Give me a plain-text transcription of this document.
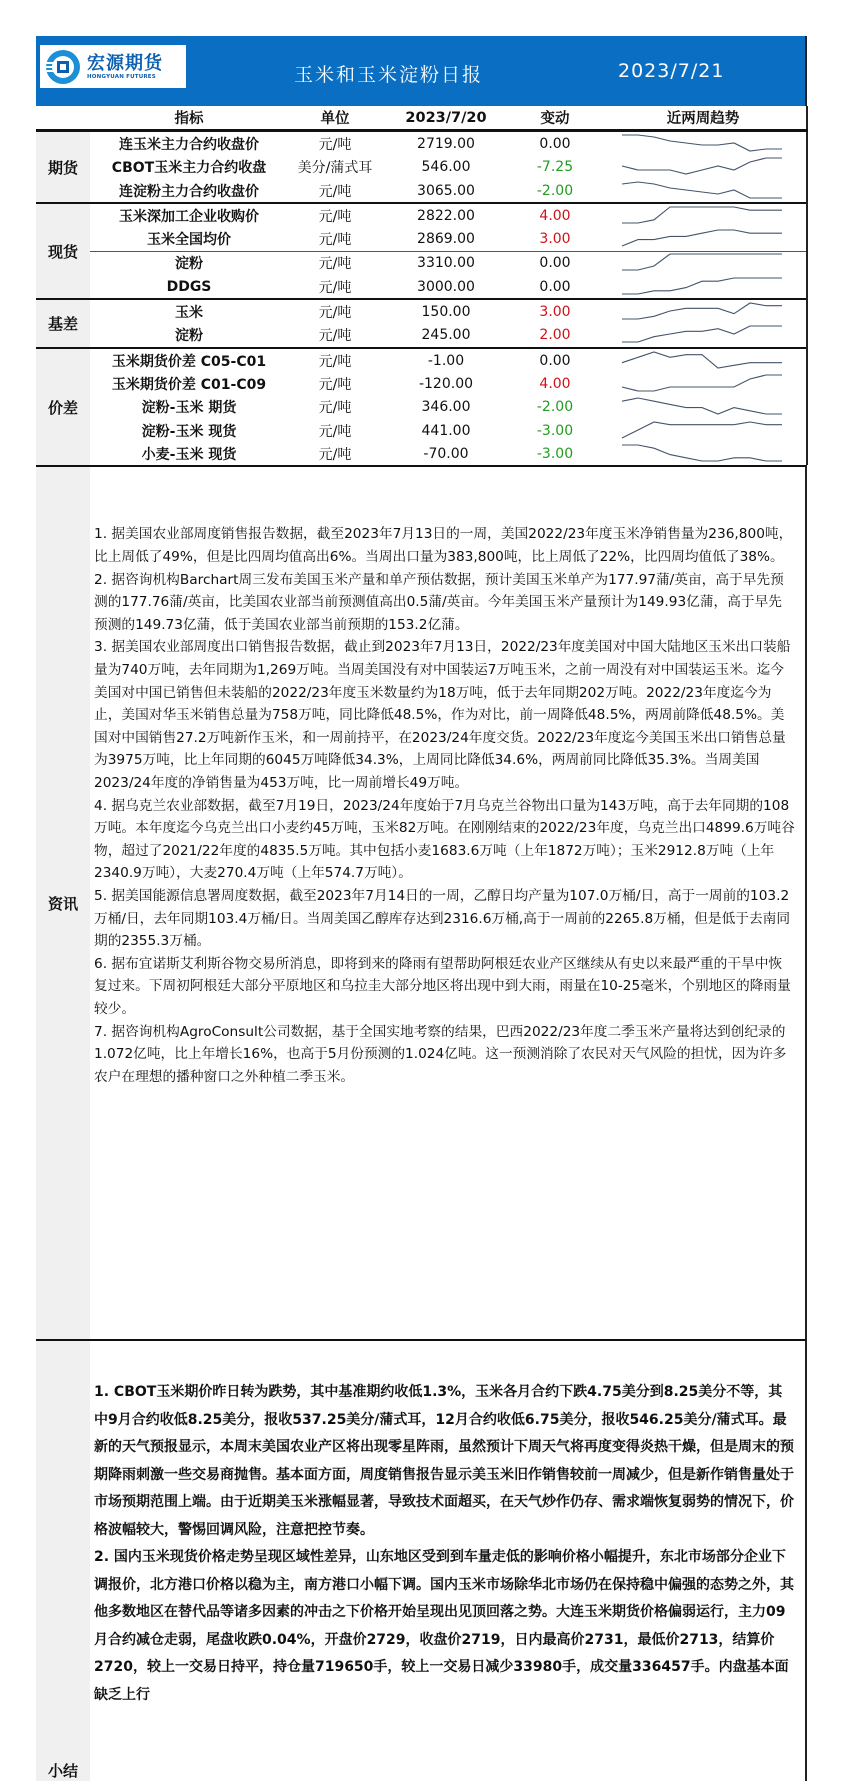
宏源期货
HONGYUAN FUTURES	玉米和玉米淀粉日报	2023/7/21
	指标	单位	2023/7/20	变动	近两周趋势
期货	连玉米主力合约收盘价	元/吨	2719.00	0.00	

	CBOT玉米主力合约收盘	美分/蒲式耳	546.00	-7.25	

	连淀粉主力合约收盘价	元/吨	3065.00	-2.00	

现货	玉米深加工企业收购价	元/吨	2822.00	4.00	

	玉米全国均价	元/吨	2869.00	3.00	

	淀粉	元/吨	3310.00	0.00	

	DDGS	元/吨	3000.00	0.00	

基差	玉米	元/吨	150.00	3.00	

	淀粉	元/吨	245.00	2.00	

价差	玉米期货价差 C05-C01	元/吨	-1.00	0.00	

	玉米期货价差 C01-C09	元/吨	-120.00	4.00	

	淀粉-玉米 期货	元/吨	346.00	-2.00	

	淀粉-玉米 现货	元/吨	441.00	-3.00	

	小麦-玉米 现货	元/吨	-70.00	-3.00	
资讯

1. 据美国农业部周度销售报告数据，截至2023年7月13日的一周，美国2022/23年度玉米净销售量为236,800吨，比上周低了49%，但是比四周均值高出6%。当周出口量为383,800吨，比上周低了22%，比四周均值低了38%。

2. 据咨询机构Barchart周三发布美国玉米产量和单产预估数据，预计美国玉米单产为177.97蒲/英亩，高于早先预测的177.76蒲/英亩，比美国农业部当前预测值高出0.5蒲/英亩。今年美国玉米产量预计为149.93亿蒲，高于早先预测的149.73亿蒲，低于美国农业部当前预期的153.2亿蒲。

3. 据美国农业部周度出口销售报告数据，截止到2023年7月13日，2022/23年度美国对中国大陆地区玉米出口装船量为740万吨，去年同期为1,269万吨。当周美国没有对中国装运7万吨玉米，之前一周没有对中国装运玉米。迄今美国对中国已销售但未装船的2022/23年度玉米数量约为18万吨，低于去年同期202万吨。2022/23年度迄今为止，美国对华玉米销售总量为758万吨，同比降低48.5%，作为对比，前一周降低48.5%，两周前降低48.5%。美国对中国销售27.2万吨新作玉米，和一周前持平，在2023/24年度交货。2022/23年度迄今美国玉米出口销售总量为3975万吨，比上年同期的6045万吨降低34.3%，上周同比降低34.6%，两周前同比降低35.3%。当周美国2023/24年度的净销售量为453万吨，比一周前增长49万吨。

4. 据乌克兰农业部数据，截至7月19日，2023/24年度始于7月乌克兰谷物出口量为143万吨，高于去年同期的108万吨。本年度迄今乌克兰出口小麦约45万吨，玉米82万吨。在刚刚结束的2022/23年度，乌克兰出口4899.6万吨谷物，超过了2021/22年度的4835.5万吨。其中包括小麦1683.6万吨（上年1872万吨）；玉米2912.8万吨（上年2340.9万吨），大麦270.4万吨（上年574.7万吨）。

5. 据美国能源信息署周度数据，截至2023年7月14日的一周，乙醇日均产量为107.0万桶/日，高于一周前的103.2万桶/日，去年同期103.4万桶/日。当周美国乙醇库存达到2316.6万桶,高于一周前的2265.8万桶，但是低于去南同期的2355.3万桶。

6. 据布宜诺斯艾利斯谷物交易所消息，即将到来的降雨有望帮助阿根廷农业产区继续从有史以来最严重的干旱中恢复过来。下周初阿根廷大部分平原地区和乌拉圭大部分地区将出现中到大雨，雨量在10-25毫米，个别地区的降雨量较少。

7. 据咨询机构AgroConsult公司数据，基于全国实地考察的结果，巴西2022/23年度二季玉米产量将达到创纪录的1.072亿吨，比上年增长16%，也高于5月份预测的1.024亿吨。这一预测消除了农民对天气风险的担忧，因为许多农户在理想的播种窗口之外种植二季玉米。

小结

1. CBOT玉米期价昨日转为跌势，其中基准期约收低1.3%，玉米各月合约下跌4.75美分到8.25美分不等，其中9月合约收低8.25美分，报收537.25美分/蒲式耳，12月合约收低6.75美分，报收546.25美分/蒲式耳。最新的天气预报显示，本周末美国农业产区将出现零星阵雨，虽然预计下周天气将再度变得炎热干燥，但是周末的预期降雨刺激一些交易商抛售。基本面方面，周度销售报告显示美玉米旧作销售较前一周减少，但是新作销售量处于市场预期范围上端。由于近期美玉米涨幅显著，导致技术面超买，在天气炒作仍存、需求端恢复弱势的情况下，价格波幅较大，警惕回调风险，注意把控节奏。

2. 国内玉米现货价格走势呈现区域性差异，山东地区受到到车量走低的影响价格小幅提升，东北市场部分企业下调报价，北方港口价格以稳为主，南方港口小幅下调。国内玉米市场除华北市场仍在保持稳中偏强的态势之外，其他多数地区在替代品等诸多因素的冲击之下价格开始呈现出见顶回落之势。大连玉米期货价格偏弱运行，主力09月合约减仓走弱，尾盘收跌0.04%，开盘价2729，收盘价2719，日内最高价2731，最低价2713，结算价2720，较上一交易日持平，持仓量719650手，较上一交易日减少33980手，成交量336457手。内盘基本面缺乏上行
